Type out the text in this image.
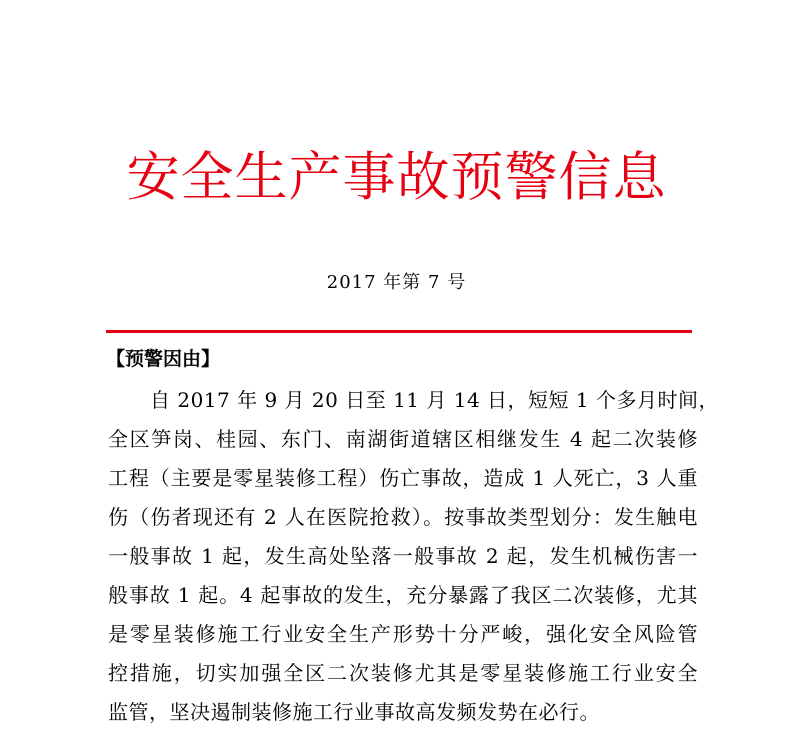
安全生产事故预警信息
2017 年第 7 号
【预警因由】
自 2017 年 9 月 20 日至 11 月 14 日，短短 1 个多月时间，
全区笋岗、桂园、东门、南湖街道辖区相继发生 4 起二次装修
工程（主要是零星装修工程）伤亡事故，造成 1 人死亡，3 人重
伤（伤者现还有 2 人在医院抢救）。按事故类型划分：发生触电
一般事故 1 起，发生高处坠落一般事故 2 起，发生机械伤害一
般事故 1 起。4 起事故的发生，充分暴露了我区二次装修，尤其
是零星装修施工行业安全生产形势十分严峻，强化安全风险管
控措施，切实加强全区二次装修尤其是零星装修施工行业安全
监管，坚决遏制装修施工行业事故高发频发势在必行。
